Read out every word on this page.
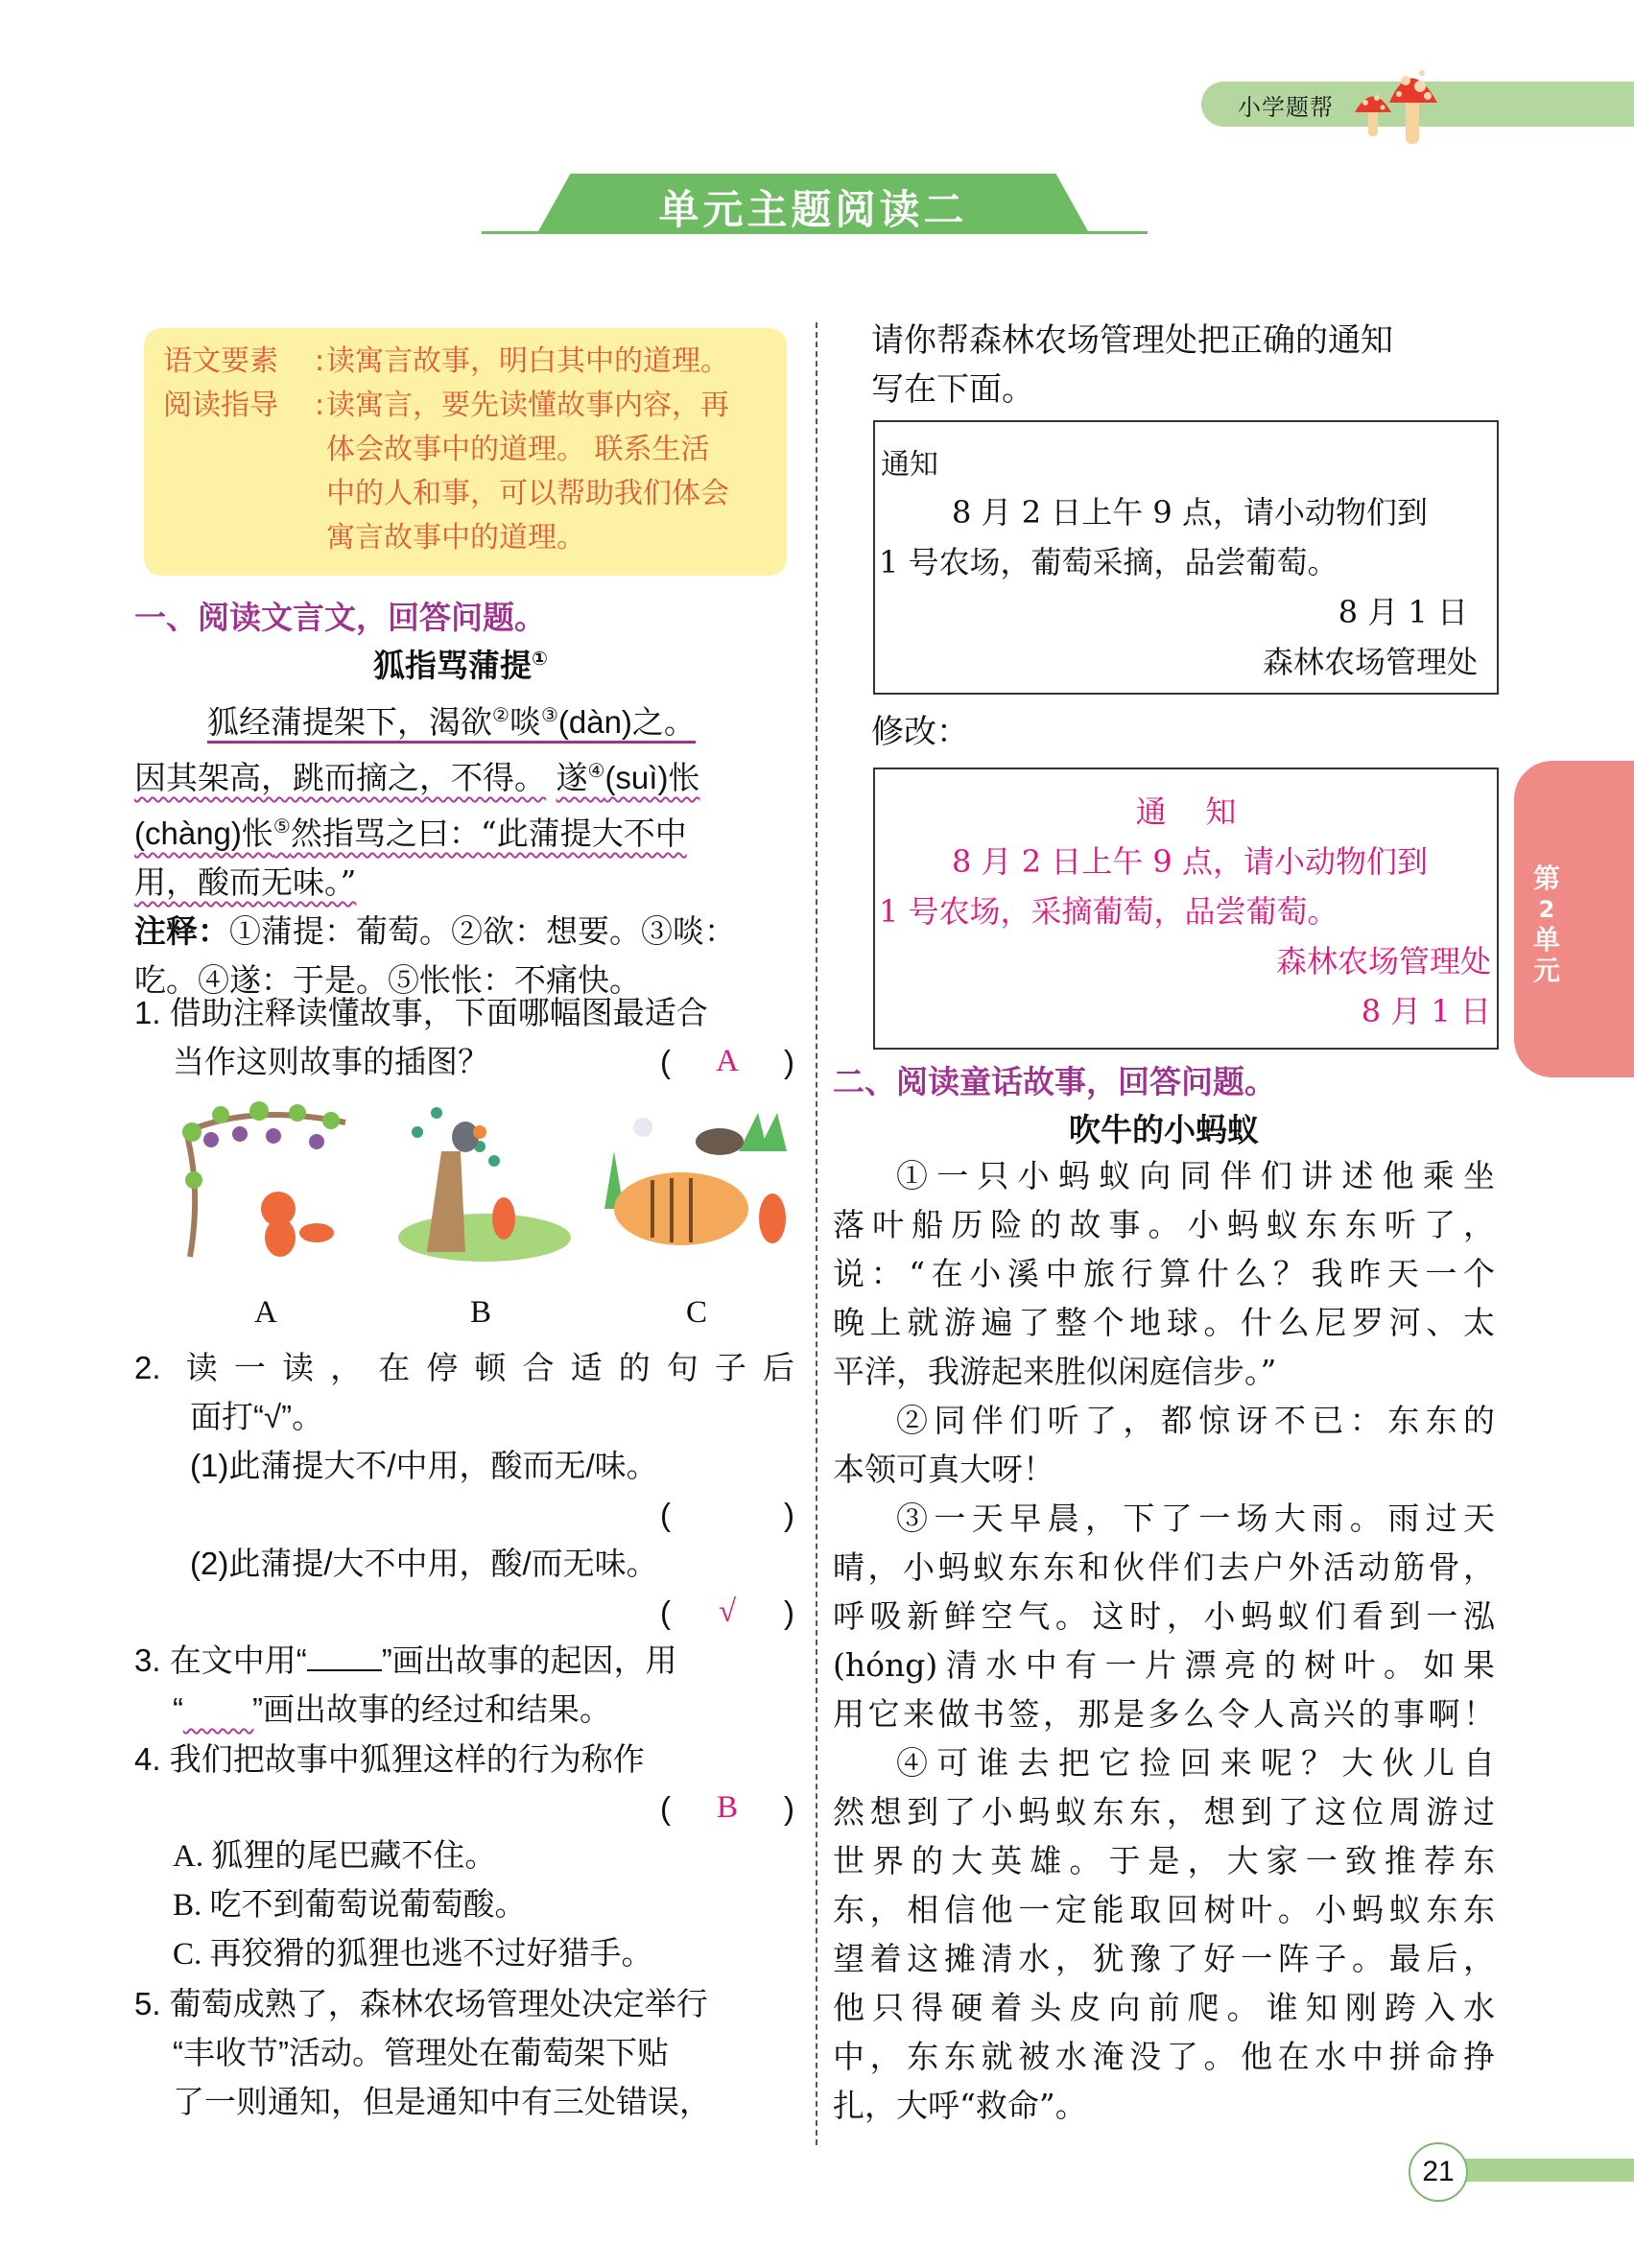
小学题帮
单元主题阅读二
语文要素	: 读寓言故事，明白其中的道理。
阅读指导	: 读寓言，要先读懂故事内容，再
体会故事中的道理。 联系生活
中的人和事，可以帮助我们体会
寓言故事中的道理。
一、阅读文言文，回答问题。
狐指骂蒲提①
狐经蒲提架下，渴欲②啖③(dàn)之。
因其架高，跳而摘之，不得。 遂④(suì)怅
(chàng)怅⑤然指骂之曰：“此蒲提大不中
用，酸而无味。”
注释：①蒲提：葡萄。②欲：想要。③啖：
吃。④遂：于是。⑤怅怅：不痛快。
1. 借助注释读懂故事，下面哪幅图最适合
当作这则故事的插图？	( A )
A	B	C
2. 读一读，在停顿合适的句子后
面打“√”。
(1)此蒲提大不/中用，酸而无/味。
(	)
(2)此蒲提/大不中用，酸/而无味。
( √ )
3. 在文中用“ ”画出故事的起因，用
“ ”画出故事的经过和结果。
4. 我们把故事中狐狸这样的行为称作
( B )
A. 狐狸的尾巴藏不住。
B. 吃不到葡萄说葡萄酸。
C. 再狡猾的狐狸也逃不过好猎手。
5. 葡萄成熟了，森林农场管理处决定举行
“丰收节”活动。管理处在葡萄架下贴
了一则通知，但是通知中有三处错误，
请你帮森林农场管理处把正确的通知
写在下面。
通知
8 月 2 日上午 9 点，请小动物们到
1 号农场，葡萄采摘，品尝葡萄。
8 月 1 日
森林农场管理处
修改：
通    知
8 月 2 日上午 9 点，请小动物们到
1 号农场，采摘葡萄，品尝葡萄。
森林农场管理处
8 月 1 日
二、阅读童话故事，回答问题。
吹牛的小蚂蚁
①一只小蚂蚁向同伴们讲述他乘坐
落叶船历险的故事。小蚂蚁东东听了，
说：“在小溪中旅行算什么？我昨天一个
晚上就游遍了整个地球。什么尼罗河、太
平洋，我游起来胜似闲庭信步。”
②同伴们听了，都惊讶不已：东东的
本领可真大呀！
③一天早晨，下了一场大雨。雨过天
晴，小蚂蚁东东和伙伴们去户外活动筋骨，
呼吸新鲜空气。这时，小蚂蚁们看到一泓
(hóng)清水中有一片漂亮的树叶。如果
用它来做书签，那是多么令人高兴的事啊！
④可谁去把它捡回来呢？大伙儿自
然想到了小蚂蚁东东，想到了这位周游过
世界的大英雄。于是，大家一致推荐东
东，相信他一定能取回树叶。小蚂蚁东东
望着这摊清水，犹豫了好一阵子。最后，
他只得硬着头皮向前爬。谁知刚跨入水
中，东东就被水淹没了。他在水中拼命挣
扎，大呼“救命”。
第
2
单
元
21
